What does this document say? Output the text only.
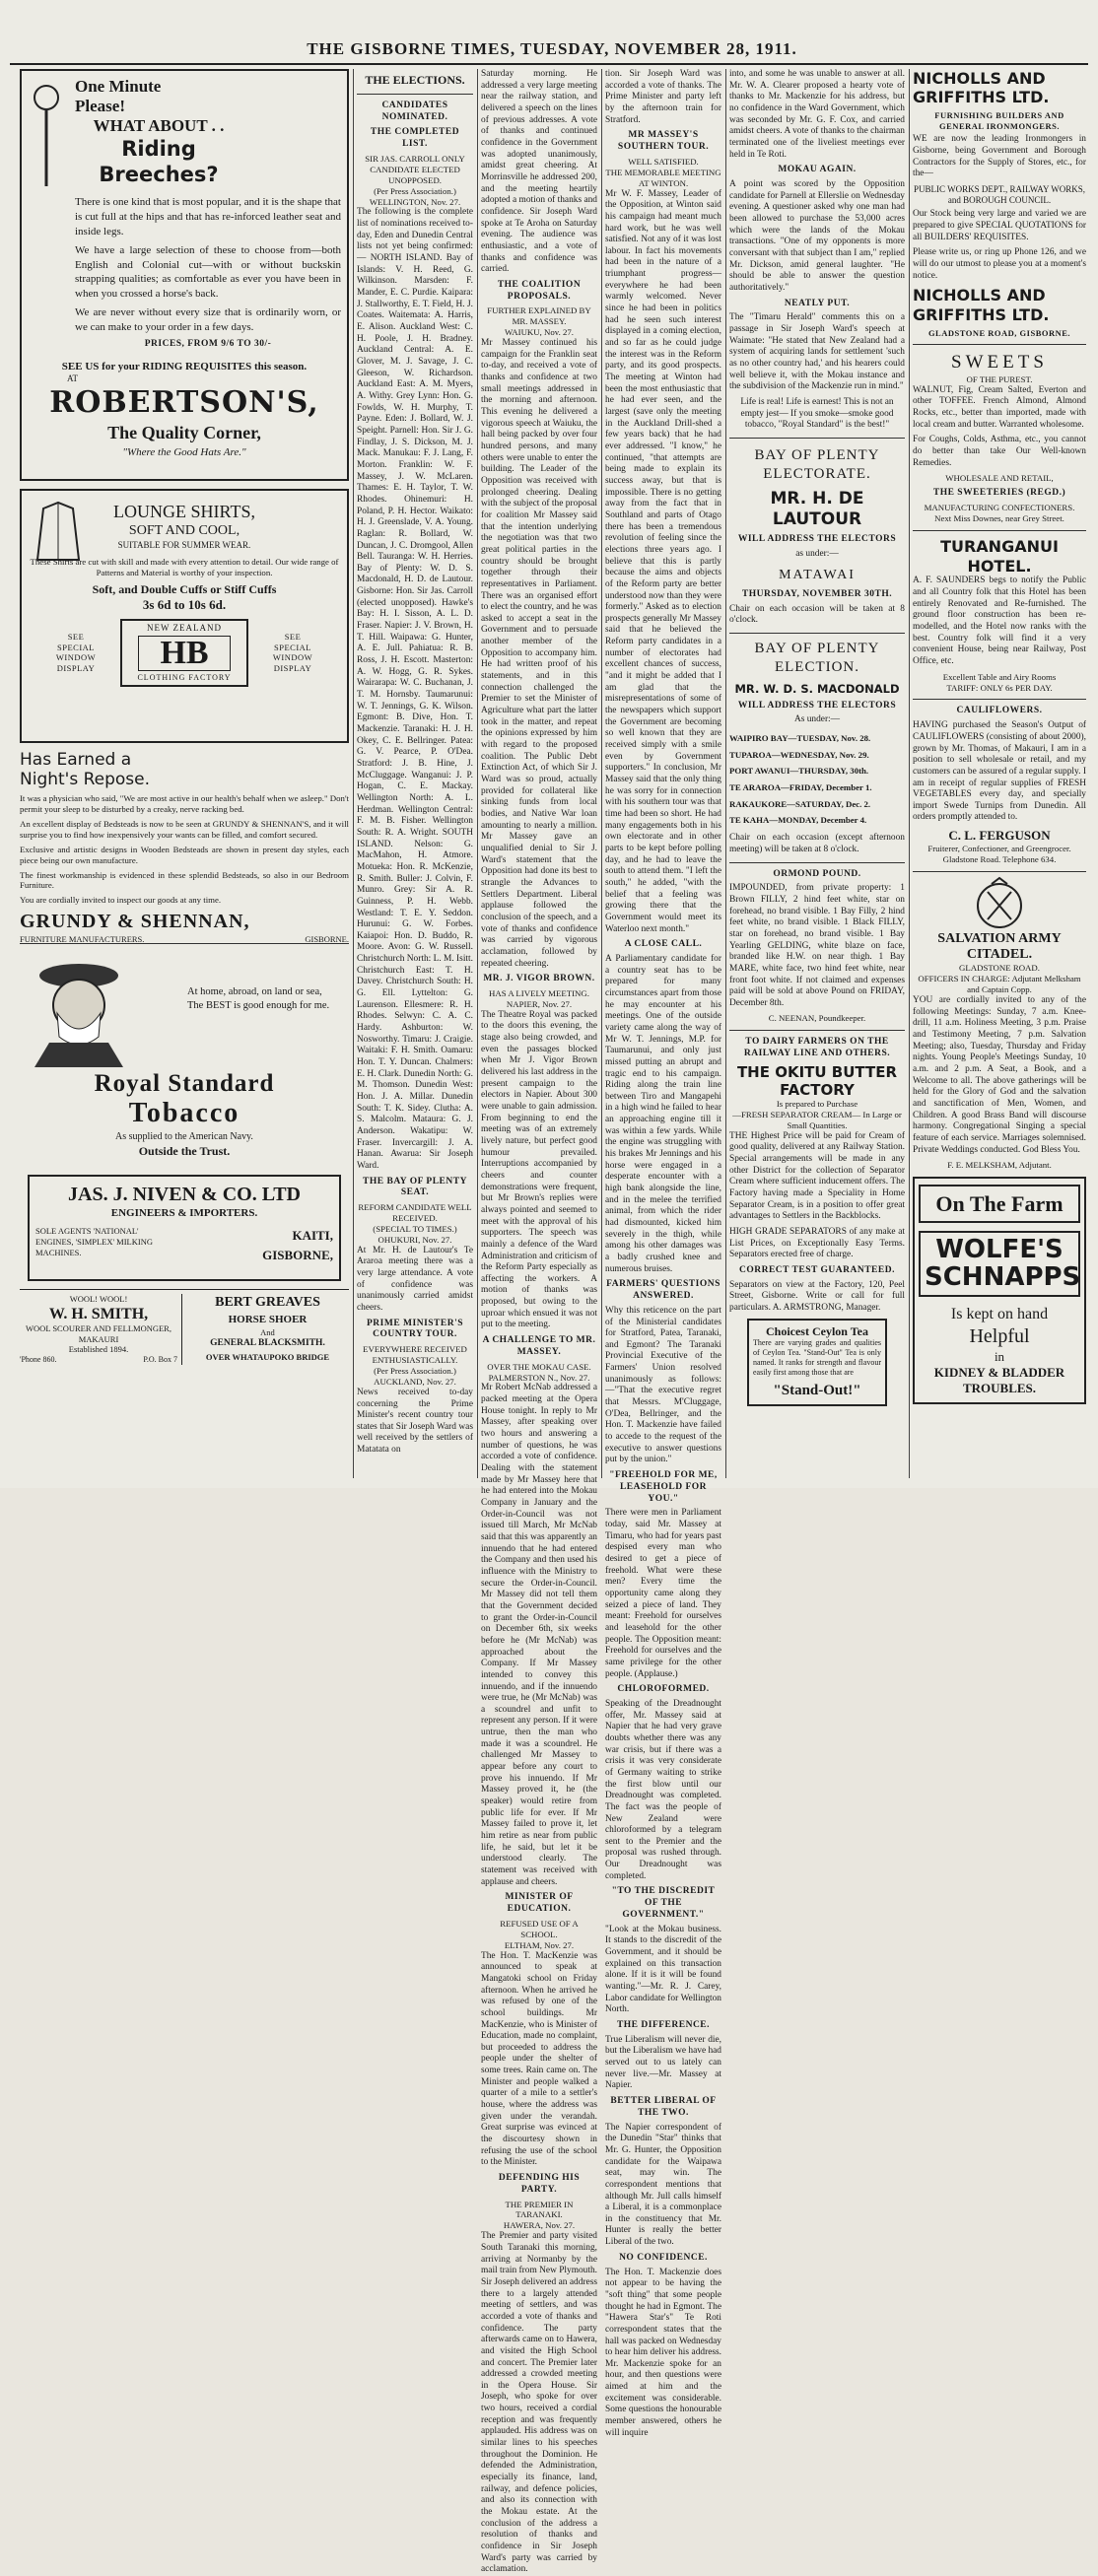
THE GISBORNE TIMES, TUESDAY, NOVEMBER 28, 1911.
One Minute Please!
WHAT ABOUT . .
Riding Breeches?

There is one kind that is most popular, and it is the shape that is cut full at the hips and that has re-inforced leather seat and inside legs.

We have a large selection of these to choose from—both English and Colonial cut—with or without buckskin strapping qualities; as comfortable as ever you have been in when you crossed a horse's back.

We are never without every size that is ordinarily worn, or we can make to your order in a few days.

PRICES, FROM 9/6 TO 30/-
SEE US for your RIDING REQUISITES this season.
AT
ROBERTSON'S,
The Quality Corner,
"Where the Good Hats Are."
LOUNGE SHIRTS,
SOFT AND COOL,
SUITABLE FOR SUMMER WEAR.

These Shirts are cut with skill and made with every attention to detail. Our wide range of Patterns and Material is worthy of your inspection.

Soft, and Double Cuffs or Stiff Cuffs
3s 6d to 10s 6d.
SEE SPECIAL WINDOW DISPLAY
NEW ZEALAND
HB
CLOTHING FACTORY
SEE SPECIAL WINDOW DISPLAY
Has Earned a Night's Repose.

It was a physician who said, "We are most active in our health's behalf when we asleep." Don't permit your sleep to be disturbed by a creaky, nerve racking bed.

An excellent display of Bedsteads is now to be seen at GRUNDY & SHENNAN'S, and it will surprise you to find how inexpensively your wants can be filled, and comfort secured.

Exclusive and artistic designs in Wooden Bedsteads are shown in present day styles, each piece being our own manufacture.

The finest workmanship is evidenced in these splendid Bedsteads, so also in our Bedroom Furniture.

You are cordially invited to inspect our goods at any time.

GRUNDY & SHENNAN,
FURNITURE MANUFACTURERS.	GISBORNE.
At home, abroad, on land or sea, The BEST is good enough for me.
Royal Standard
Tobacco
As supplied to the American Navy.
Outside the Trust.
JAS. J. NIVEN & CO. LTD
ENGINEERS & IMPORTERS.
SOLE AGENTS 'NATIONAL' ENGINES, 'SIMPLEX' MILKING MACHINES.
KAITI,
GISBORNE,
WOOL! WOOL!
W. H. SMITH,
WOOL SCOURER AND FELLMONGER,
MAKAURI
Established 1894.
'Phone 860.	P.O. Box 7
BERT GREAVES
HORSE SHOER
And
GENERAL BLACKSMITH.
OVER WHATAUPOKO BRIDGE
THE ELECTIONS.
CANDIDATES NOMINATED.
THE COMPLETED LIST.
SIR JAS. CARROLL ONLY CANDIDATE ELECTED UNOPPOSED.
(Per Press Association.)
WELLINGTON, Nov. 27.

The following is the complete list of nominations received to-day, Eden and Dunedin Central lists not yet being confirmed:— NORTH ISLAND. Bay of Islands: V. H. Reed, G. Wilkinson. Marsden: F. Mander, E. C. Purdie. Kaipara: J. Stallworthy, E. T. Field, H. J. Coates. Waitemata: A. Harris, E. Alison. Auckland West: C. H. Poole, J. H. Bradney. Auckland Central: A. E. Glover, M. J. Savage, J. C. Gleeson, W. Richardson. Auckland East: A. M. Myers, A. Withy. Grey Lynn: Hon. G. Fowlds, W. H. Murphy, T. Payne. Eden: J. Bollard, W. J. Speight. Parnell: Hon. Sir J. G. Findlay, J. S. Dickson, M. J. Mack. Manukau: F. J. Lang, F. Morton. Franklin: W. F. Massey, J. W. McLaren. Thames: E. H. Taylor, T. W. Rhodes. Ohinemuri: H. Poland, P. H. Hector. Waikato: H. J. Greenslade, V. A. Young. Raglan: R. Bollard, W. Duncan, J. C. Dromgool, Allen Bell. Tauranga: W. H. Herries. Bay of Plenty: W. D. S. Macdonald, H. D. de Lautour. Gisborne: Hon. Sir Jas. Carroll (elected unopposed). Hawke's Bay: H. I. Sisson, A. L. D. Fraser. Napier: J. V. Brown, H. T. Hill. Waipawa: G. Hunter, A. E. Jull. Pahiatua: R. B. Ross, J. H. Escott. Masterton: A. W. Hogg, G. R. Sykes. Wairarapa: W. C. Buchanan, J. T. M. Hornsby. Taumarunui: W. T. Jennings, G. K. Wilson. Egmont: B. Dive, Hon. T. Mackenzie. Taranaki: H. J. H. Okey, C. E. Bellringer. Patea: G. V. Pearce, P. O'Dea. Stratford: J. B. Hine, J. McCluggage. Wanganui: J. P. Hogan, C. E. Mackay. Wellington North: A. L. Herdman. Wellington Central: F. M. B. Fisher. Wellington South: R. A. Wright. SOUTH ISLAND. Nelson: G. MacMahon, H. Atmore. Motueka: Hon. R. McKenzie, R. Smith. Buller: J. Colvin, F. Munro. Grey: Sir A. R. Guinness, P. H. Webb. Westland: T. E. Y. Seddon. Hurunui: G. W. Forbes. Kaiapoi: Hon. D. Buddo, R. Moore. Avon: G. W. Russell. Christchurch North: L. M. Isitt. Christchurch East: T. H. Davey. Christchurch South: H. G. Ell. Lyttelton: G. Laurenson. Ellesmere: R. H. Rhodes. Selwyn: C. A. C. Hardy. Ashburton: W. Nosworthy. Timaru: J. Craigie. Waitaki: F. H. Smith. Oamaru: Hon. T. Y. Duncan. Chalmers: E. H. Clark. Dunedin North: G. M. Thomson. Dunedin West: Hon. J. A. Millar. Dunedin South: T. K. Sidey. Clutha: A. S. Malcolm. Mataura: G. J. Anderson. Wakatipu: W. Fraser. Invercargill: J. A. Hanan. Awarua: Sir Joseph Ward.

THE BAY OF PLENTY SEAT.
REFORM CANDIDATE WELL RECEIVED.
(SPECIAL TO TIMES.)
OHUKURI, Nov. 27.

At Mr. H. de Lautour's Te Araroa meeting there was a very large attendance. A vote of confidence was unanimously carried amidst cheers.

PRIME MINISTER'S COUNTRY TOUR.
EVERYWHERE RECEIVED ENTHUSIASTICALLY.
(Per Press Association.)
AUCKLAND, Nov. 27.

News received to-day concerning the Prime Minister's recent country tour states that Sir Joseph Ward was well received by the settlers of Matatata on

Saturday morning. He addressed a very large meeting near the railway station, and delivered a speech on the lines of previous addresses. A vote of thanks and continued confidence in the Government was adopted unanimously, amidst great cheering. At Morrinsville he addressed 200, and the meeting heartily adopted a motion of thanks and confidence. Sir Joseph Ward spoke at Te Aroha on Saturday evening. The audience was enthusiastic, and a vote of thanks and confidence was carried.

THE COALITION PROPOSALS.
FURTHER EXPLAINED BY MR. MASSEY.
WAIUKU, Nov. 27.

Mr Massey continued his campaign for the Franklin seat to-day, and received a vote of thanks and confidence at two small meetings addressed in the morning and afternoon. This evening he delivered a vigorous speech at Waiuku, the hall being packed by over four hundred persons, and many others were unable to enter the building. The Leader of the Opposition was received with prolonged cheering. Dealing with the subject of the proposal for coalition Mr Massey said that the intention underlying the negotiation was that two great political parties in the country should be brought together through their representatives in Parliament. There was an organised effort to elect the country, and he was asked to accept a seat in the Government and to persuade another member of the Opposition to accompany him. He had written proof of his statements, and in this connection challenged the Premier to set the Minister of Agriculture what part the latter took in the matter, and repeat the opinions expressed by him with regard to the proposed coalition. The Public Debt Extinction Act, of which Sir J. Ward was so proud, actually provided for collateral like sinking funds from local bodies, and Native War loan amounting to nearly a million. Mr Massey gave an unqualified denial to Sir J. Ward's statement that the Opposition had done its best to strangle the Advances to Settlers Department. Liberal applause followed the conclusion of the speech, and a vote of thanks and confidence was carried by vigorous acclamation, followed by repeated cheering.

MR. J. VIGOR BROWN.
HAS A LIVELY MEETING.
NAPIER, Nov. 27.

The Theatre Royal was packed to the doors this evening, the stage also being crowded, and even the passages blocked when Mr J. Vigor Brown delivered his last address in the present campaign to the electors in Napier. About 300 were unable to gain admission. From beginning to end the meeting was of an extremely lively nature, but perfect good humour prevailed. Interruptions accompanied by cheers and counter demonstrations were frequent, but Mr Brown's replies were always pointed and seemed to meet with the approval of his supporters. The speech was mainly a defence of the Ward Administration and criticism of the Reform Party especially as affecting the workers. A motion of thanks was proposed, but owing to the uproar which ensued it was not put to the meeting.

A CHALLENGE TO MR. MASSEY.
OVER THE MOKAU CASE.
PALMERSTON N., Nov. 27.

Mr Robert McNab addressed a packed meeting at the Opera House tonight. In reply to Mr Massey, after speaking over two hours and answering a number of questions, he was accorded a vote of confidence. Dealing with the statement made by Mr Massey here that he had entered into the Mokau Company in January and the Order-in-Council was not issued till March, Mr McNab said that this was apparently an innuendo that he had entered the Company and then used his influence with the Ministry to secure the Order-in-Council. Mr Massey did not tell them that the Government decided to grant the Order-in-Council on December 6th, six weeks before he (Mr McNab) was approached about the Company. If Mr Massey intended to convey this innuendo, and if the innuendo were true, he (Mr McNab) was a scoundrel and unfit to represent any person. If it were untrue, then the man who made it was a scoundrel. He challenged Mr Massey to appear before any court to prove his innuendo. If Mr Massey proved it, he (the speaker) would retire from public life for ever. If Mr Massey failed to prove it, let him retire as near from public life, he said, but let it be understood clearly. The statement was received with applause and cheers.

MINISTER OF EDUCATION.
REFUSED USE OF A SCHOOL.
ELTHAM, Nov. 27.

The Hon. T. MacKenzie was announced to speak at Mangatoki school on Friday afternoon. When he arrived he was refused by one of the school buildings. Mr MacKenzie, who is Minister of Education, made no complaint, but proceeded to address the people under the shelter of some trees. Rain came on. The Minister and people walked a quarter of a mile to a settler's house, where the address was given under the verandah. Great surprise was evinced at the discourtesy shown in refusing the use of the school to the Minister.

DEFENDING HIS PARTY.
THE PREMIER IN TARANAKI.
HAWERA, Nov. 27.

The Premier and party visited South Taranaki this morning, arriving at Normanby by the mail train from New Plymouth. Sir Joseph delivered an address there to a largely attended meeting of settlers, and was accorded a vote of thanks and confidence. The party afterwards came on to Hawera, and visited the High School and concert. The Premier later addressed a crowded meeting in the Opera House. Sir Joseph, who spoke for over two hours, received a cordial reception and was frequently applauded. His address was on similar lines to his speeches throughout the Dominion. He defended the Administration, especially its finance, land, railway, and defence policies, and also its connection with the Mokau estate. At the conclusion of the address a resolution of thanks and confidence in Sir Joseph Ward's party was carried by acclamation.

tion. Sir Joseph Ward was accorded a vote of thanks. The Prime Minister and party left by the afternoon train for Stratford.

MR MASSEY'S SOUTHERN TOUR.
WELL SATISFIED.
THE MEMORABLE MEETING AT WINTON.

Mr W. F. Massey, Leader of the Opposition, at Winton said his campaign had meant much hard work, but he was well satisfied. Not any of it was lost labour. In fact his movements had been in the nature of a triumphant progress—everywhere he had been warmly welcomed. Never since he had been in politics had he seen such interest displayed in a coming election, and so far as he could judge the interest was in the Reform party, and its good prospects. The meeting at Winton had been the most enthusiastic that he had ever seen, and the largest (save only the meeting in the Auckland Drill-shed a few years back) that he had ever addressed. "I know," he continued, "that attempts are being made to explain its success away, but that is impossible. There is no getting away from the fact that in Southland and parts of Otago there has been a tremendous revolution of feeling since the elections three years ago. I believe that this is partly because the aims and objects of the Reform party are better understood now than they were formerly." Asked as to election prospects generally Mr Massey said that he believed the Reform party candidates in a number of electorates had excellent chances of success, "and it might be added that I am glad that the misrepresentations of some of the newspapers which support the Government are becoming so well known that they are received simply with a smile even by Government supporters." In conclusion, Mr Massey said that the only thing he was sorry for in connection with his southern tour was that time had been so short. He had many engagements both in his own electorate and in other parts to be kept before polling day, and he had to leave the south to attend them. "I left the south," he added, "with the belief that a feeling was growing there that the Government would meet its Waterloo next month."

A CLOSE CALL.

A Parliamentary candidate for a country seat has to be prepared for many circumstances apart from those he may encounter at his meetings. One of the outside variety came along the way of Mr W. T. Jennings, M.P. for Taumarunui, and only just missed putting an abrupt and tragic end to his campaign. Riding along the train line between Tiro and Mangapehi in a high wind he failed to hear an approaching engine till it was within a few yards. While the engine was struggling with his brakes Mr Jennings and his horse were engaged in a desperate encounter with a high bank alongside the line, and in the melee the terrified animal, from which the rider had dismounted, kicked him severely in the thigh, while among his other damages was a badly crushed knee and numerous bruises.

FARMERS' QUESTIONS ANSWERED.

Why this reticence on the part of the Ministerial candidates for Stratford, Patea, Taranaki, and Egmont? The Taranaki Provincial Executive of the Farmers' Union resolved unanimously as follows:—"That the executive regret that Messrs. M'Cluggage, O'Dea, Bellringer, and the Hon. T. Mackenzie have failed to accede to the request of the executive to answer questions put by the union."

"FREEHOLD FOR ME, LEASEHOLD FOR YOU."

There were men in Parliament today, said Mr. Massey at Timaru, who had for years past despised every man who desired to get a piece of freehold. What were these men? Every time the opportunity came along they seized a piece of land. They meant: Freehold for ourselves and leasehold for the other people. The Opposition meant: Freehold for ourselves and the same privilege for the other people. (Applause.)

CHLOROFORMED.

Speaking of the Dreadnought offer, Mr. Massey said at Napier that he had very grave doubts whether there was any war crisis, but if there was a crisis it was very considerate of Germany waiting to strike the first blow until our Dreadnought was completed. The fact was the people of New Zealand were chloroformed by a telegram sent to the Premier and the proposal was rushed through. Our Dreadnought was completed.

"TO THE DISCREDIT OF THE GOVERNMENT."

"Look at the Mokau business. It stands to the discredit of the Government, and it should be explained on this transaction alone. If it is it will be found wanting."—Mr. R. J. Carey, Labor candidate for Wellington North.

THE DIFFERENCE.

True Liberalism will never die, but the Liberalism we have had served out to us lately can never live.—Mr. Massey at Napier.

BETTER LIBERAL OF THE TWO.

The Napier correspondent of the Dunedin "Star" thinks that Mr. G. Hunter, the Opposition candidate for the Waipawa seat, may win. The correspondent mentions that although Mr. Jull calls himself a Liberal, it is a commonplace in the constituency that Mr. Hunter is really the better Liberal of the two.

NO CONFIDENCE.

The Hon. T. Mackenzie does not appear to be having the "soft thing" that some people thought he had in Egmont. The "Hawera Star's" Te Roti correspondent states that the hall was packed on Wednesday to hear him deliver his address. Mr. Mackenzie spoke for an hour, and then questions were aimed at him and the excitement was considerable. Some questions the honourable member answered, others he will inquire

into, and some he was unable to answer at all. Mr. W. A. Clearer proposed a hearty vote of thanks to Mr. Mackenzie for his address, but no confidence in the Ward Government, which was seconded by Mr. G. F. Cox, and carried amidst cheers. A vote of thanks to the chairman terminated one of the liveliest meetings ever held in Te Roti.

MOKAU AGAIN.

A point was scored by the Opposition candidate for Parnell at Ellerslie on Wednesday evening. A questioner asked why one man had been allowed to purchase the 53,000 acres which were the lands of the Mokau transactions. "One of my opponents is more conversant with that subject than I am," replied Mr. Dickson, amid general laughter. "He should be able to answer the question authoritatively."

NEATLY PUT.

The "Timaru Herald" comments this on a passage in Sir Joseph Ward's speech at Waimate: "He stated that New Zealand had a system of acquiring lands for settlement 'such as no other country had,' and his hearers could well believe it, with the Mokau instance and the subdivision of the Mackenzie run in mind."

Life is real! Life is earnest! This is not an empty jest— If you smoke—smoke good tobacco, "Royal Standard" is the best!"

BAY OF PLENTY ELECTORATE.
MR. H. DE LAUTOUR
WILL ADDRESS THE ELECTORS
as under:—
MATAWAI
THURSDAY, NOVEMBER 30TH.

Chair on each occasion will be taken at 8 o'clock.

BAY OF PLENTY ELECTION.
MR. W. D. S. MACDONALD
WILL ADDRESS THE ELECTORS
As under:—
WAIPIRO BAY—TUESDAY, Nov. 28.
TUPAROA—WEDNESDAY, Nov. 29.
PORT AWANUI—THURSDAY, 30th.
TE ARAROA—FRIDAY, December 1.
RAKAUKORE—SATURDAY, Dec. 2.
TE KAHA—MONDAY, December 4.

Chair on each occasion (except afternoon meeting) will be taken at 8 o'clock.

ORMOND POUND.

IMPOUNDED, from private property: 1 Brown FILLY, 2 hind feet white, star on forehead, no brand visible. 1 Bay Filly, 2 hind feet white, no brand visible. 1 Black FILLY, star on forehead, no brand visible. 1 Bay Yearling GELDING, white blaze on face, branded like H.W. on near thigh. 1 Bay MARE, white face, two hind feet white, near front foot white. If not claimed and expenses paid will be sold at above Pound on FRIDAY, December 8th.

C. NEENAN, Poundkeeper.
TO DAIRY FARMERS ON THE RAILWAY LINE AND OTHERS.
THE OKITU BUTTER FACTORY
Is prepared to Purchase
—FRESH SEPARATOR CREAM— In Large or Small Quantities.

THE Highest Price will be paid for Cream of good quality, delivered at any Railway Station. Special arrangements will be made in any other District for the collection of Separator Cream where sufficient inducement offers. The Factory having made a Speciality in Home Separator Cream, is in a position to offer great advantages to Settlers in the Backblocks.

HIGH GRADE SEPARATORS of any make at List Prices, on Exceptionally Easy Terms. Separators erected free of charge.

CORRECT TEST GUARANTEED.

Separators on view at the Factory, 120, Peel Street, Gisborne. Write or call for full particulars. A. ARMSTRONG, Manager.

Choicest Ceylon Tea

There are varying grades and qualities of Ceylon Tea. "Stand-Out" Tea is only named. It ranks for strength and flavour easily first among those that are

"Stand-Out!"
NICHOLLS AND GRIFFITHS LTD.
FURNISHING BUILDERS AND GENERAL IRONMONGERS.

WE are now the leading Ironmongers in Gisborne, being Government and Borough Contractors for the Supply of Stores, etc., for the—

PUBLIC WORKS DEPT., RAILWAY WORKS, and BOROUGH COUNCIL.

Our Stock being very large and varied we are prepared to give SPECIAL QUOTATIONS for all BUILDERS' REQUISITES.

Please write us, or ring up Phone 126, and we will do our utmost to please you at a moment's notice.

NICHOLLS AND GRIFFITHS LTD.
GLADSTONE ROAD, GISBORNE.
SWEETS
OF THE PUREST.

WALNUT, Fig, Cream Salted, Everton and other TOFFEE. French Almond, Almond Rocks, etc., better than imported, made with local cream and butter. Warranted wholesome.

For Coughs, Colds, Asthma, etc., you cannot do better than take Our Well-known Remedies.

WHOLESALE AND RETAIL,
THE SWEETERIES (REGD.)
MANUFACTURING CONFECTIONERS.
Next Miss Downes, near Grey Street.
TURANGANUI HOTEL.

A. F. SAUNDERS begs to notify the Public and all Country folk that this Hotel has been entirely Renovated and Re-furnished. The ground floor construction has been re-modelled, and the Hotel now ranks with the best. Country folk will find it a very convenient House, being near Railway, Post Office, etc.

Excellent Table and Airy Rooms
TARIFF: ONLY 6s PER DAY.
CAULIFLOWERS.

HAVING purchased the Season's Output of CAULIFLOWERS (consisting of about 2000), grown by Mr. Thomas, of Makauri, I am in a position to sell wholesale or retail, and my customers can be assured of a regular supply. I am in receipt of regular supplies of FRESH VEGETABLES every day, and specially import Swede Turnips from Dunedin. All orders promptly attended to.

C. L. FERGUSON
Fruiterer, Confectioner, and Greengrocer. Gladstone Road. Telephone 634.
SALVATION ARMY CITADEL.
GLADSTONE ROAD.
OFFICERS IN CHARGE: Adjutant Melksham and Captain Copp.

YOU are cordially invited to any of the following Meetings: Sunday, 7 a.m. Knee-drill, 11 a.m. Holiness Meeting, 3 p.m. Praise and Testimony Meeting, 7 p.m. Salvation Meeting; also, Tuesday, Thursday and Friday nights. Young People's Meetings Sunday, 10 a.m. and 2 p.m. A Seat, a Book, and a Welcome to all. The above gatherings will be held for the Glory of God and the salvation and sanctification of Men, Women, and Children. A good Brass Band will discourse harmony. Congregational Singing a special feature of each service. Marriages solemnised. Private Weddings conducted. God Bless You.

F. E. MELKSHAM, Adjutant.
On The Farm
WOLFE'S SCHNAPPS
Is kept on hand
Helpful
in
KIDNEY & BLADDER TROUBLES.
